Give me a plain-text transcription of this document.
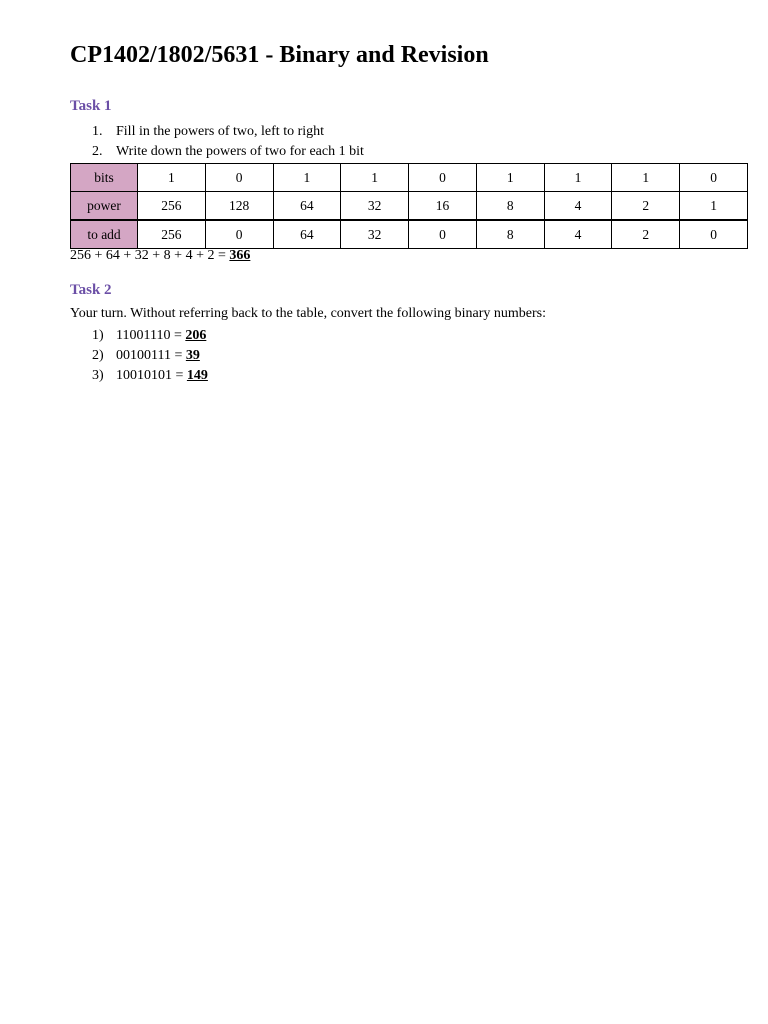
CP1402/1802/5631 - Binary and Revision
Task 1
1. Fill in the powers of two, left to right
2. Write down the powers of two for each 1 bit
bits	1	0	1	1	0	1	1	1	0
power	256	128	64	32	16	8	4	2	1
to add	256	0	64	32	0	8	4	2	0
256 + 64 + 32 + 8 + 4 + 2 = 366
Task 2
Your turn. Without referring back to the table, convert the following binary numbers:
1) 11001110 = 206
2) 00100111 = 39
3) 10010101 = 149
